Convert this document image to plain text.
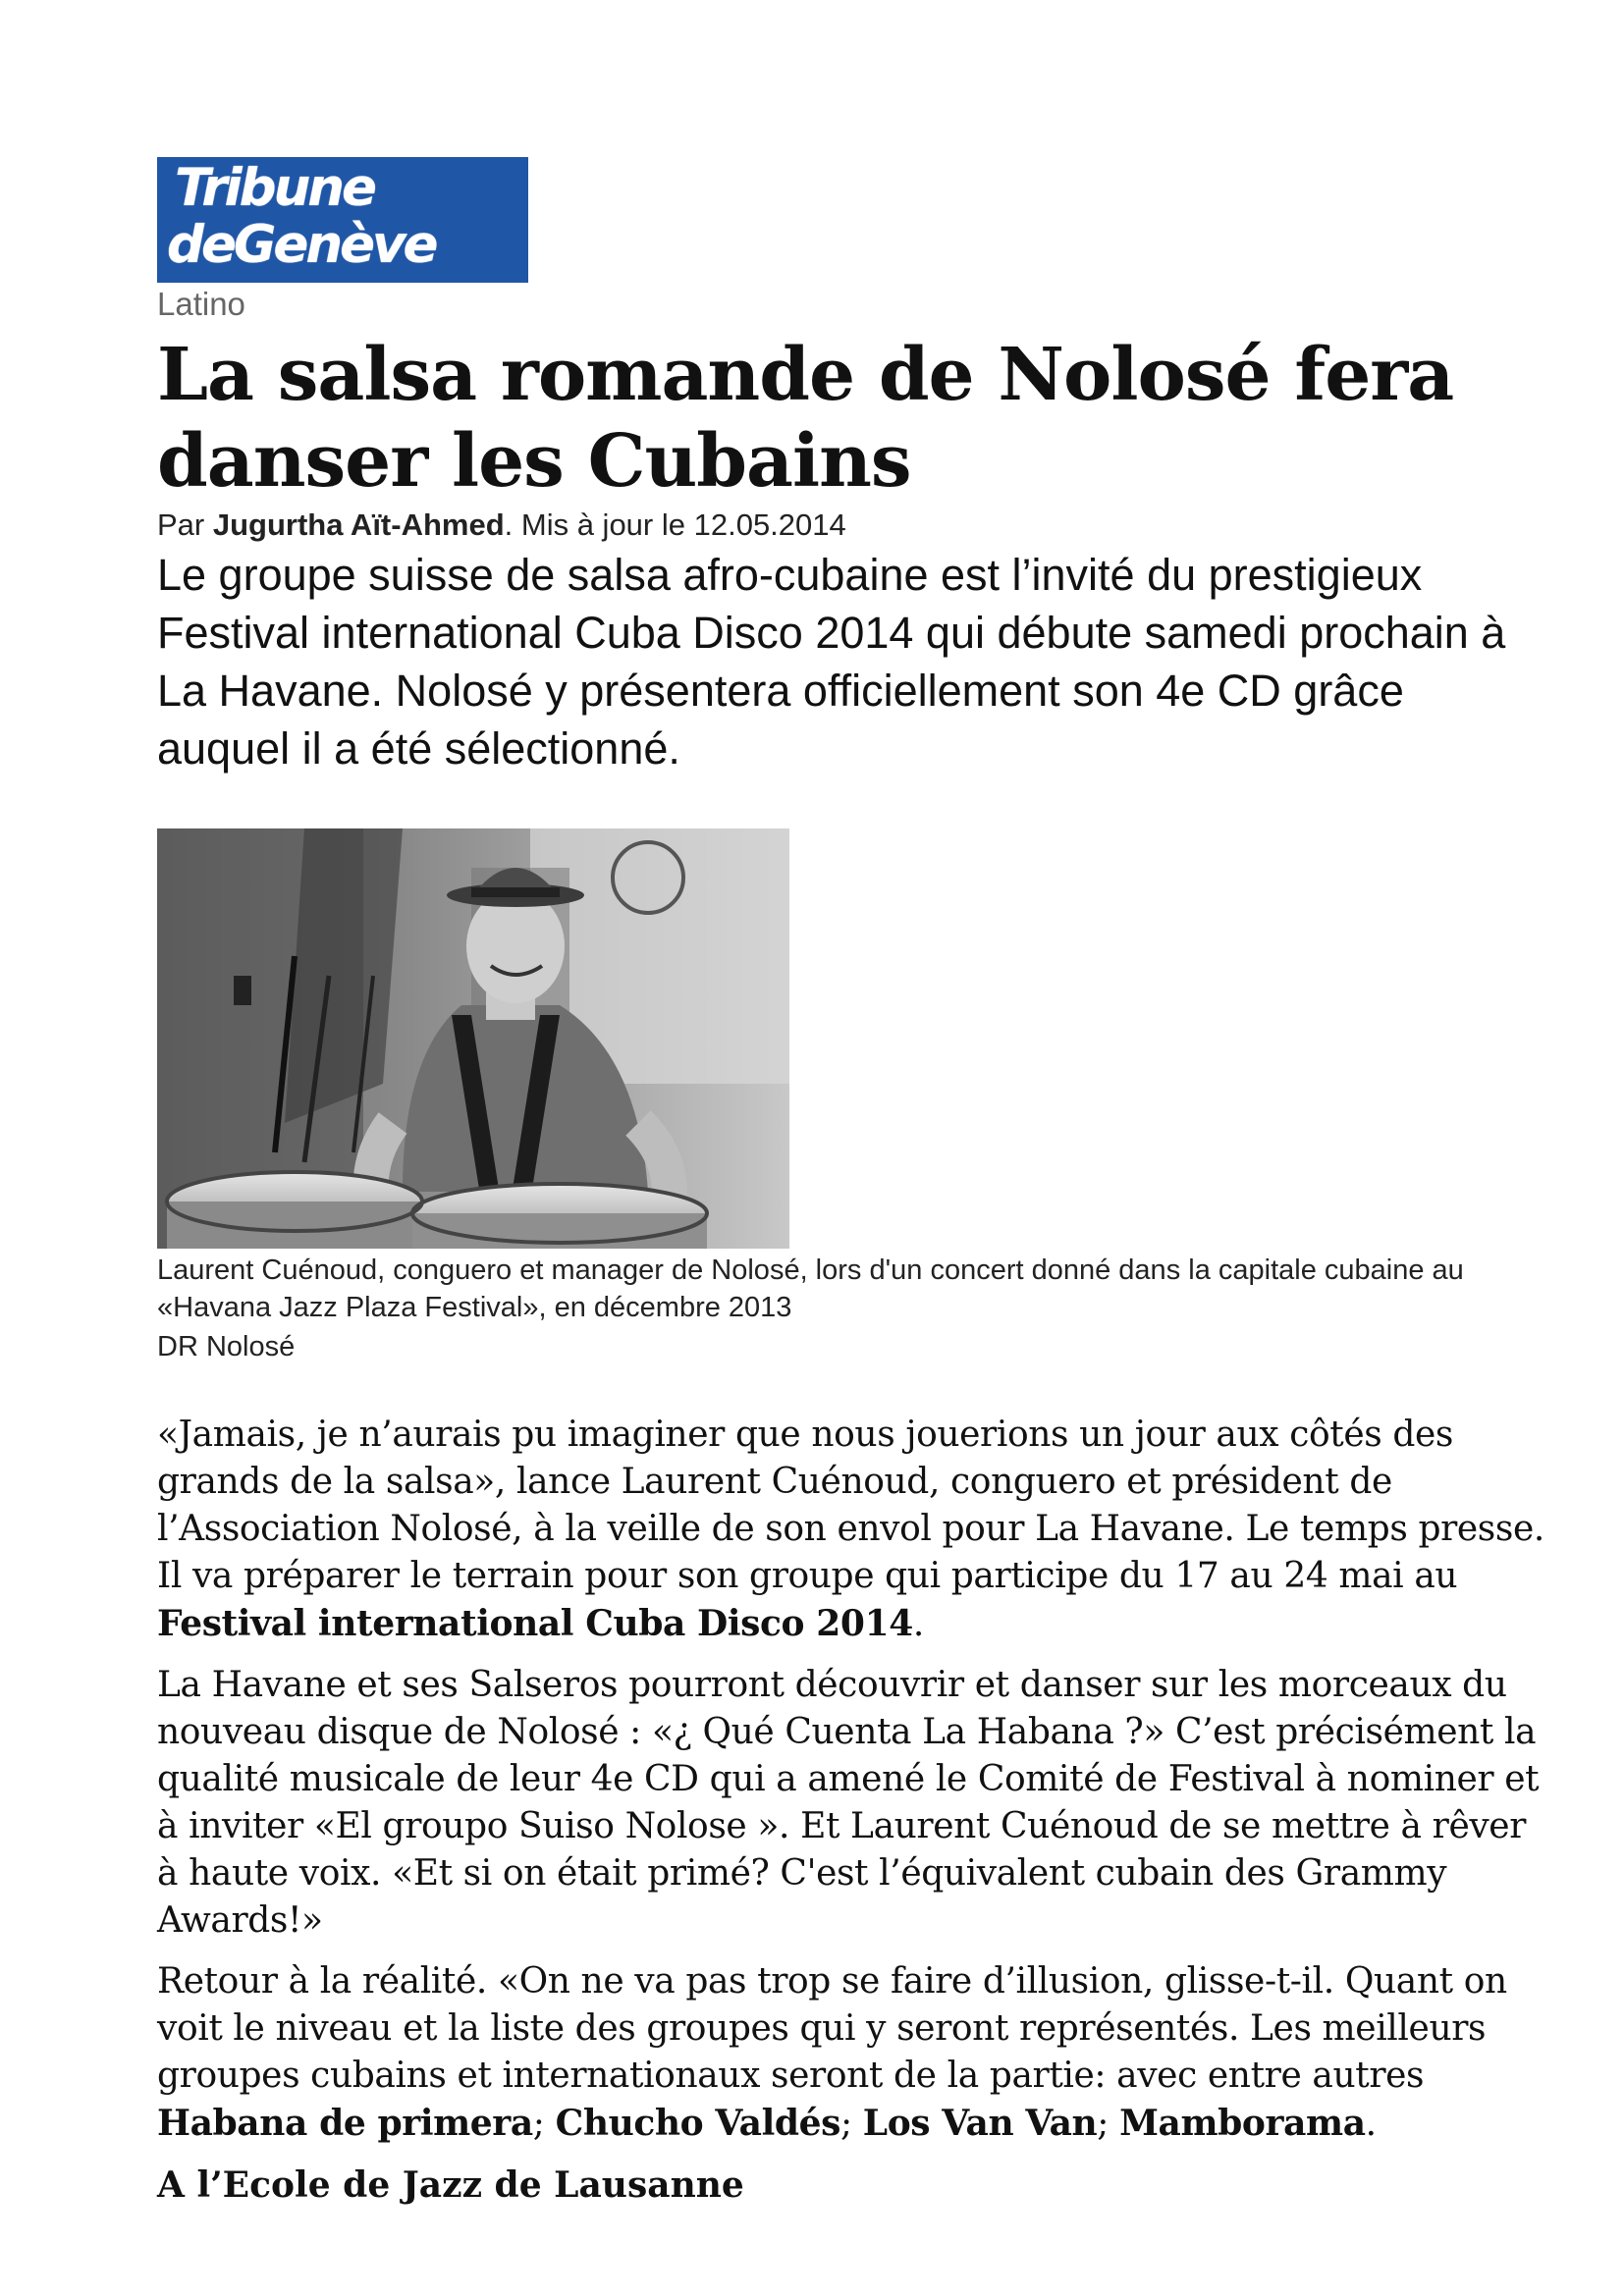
Tribune
deGenève
Latino
La salsa romande de Nolosé fera danser les Cubains
Par Jugurtha Aït-Ahmed. Mis à jour le 12.05.2014

Le groupe suisse de salsa afro-cubaine est l’invité du prestigieux Festival international Cuba Disco 2014 qui débute samedi prochain à La Havane. Nolosé y présentera officiellement son 4e CD grâce auquel il a été sélectionné.

Laurent Cuénoud, conguero et manager de Nolosé, lors d'un concert donné dans la capitale cubaine au «Havana Jazz Plaza Festival», en décembre 2013

DR Nolosé

«Jamais, je n’aurais pu imaginer que nous jouerions un jour aux côtés des grands de la salsa», lance Laurent Cuénoud, conguero et président de l’Association Nolosé, à la veille de son envol pour La Havane. Le temps presse. Il va préparer le terrain pour son groupe qui participe du 17 au 24 mai au Festival international Cuba Disco 2014.

La Havane et ses Salseros pourront découvrir et danser sur les morceaux du nouveau disque de Nolosé : «¿ Qué Cuenta La Habana ?» C’est précisément la qualité musicale de leur 4e CD qui a amené le Comité de Festival à nominer et à inviter «El groupo Suiso Nolose ». Et Laurent Cuénoud de se mettre à rêver à haute voix. «Et si on était primé? C'est l’équivalent cubain des Grammy Awards!»

Retour à la réalité. «On ne va pas trop se faire d’illusion, glisse-t-il. Quant on voit le niveau et la liste des groupes qui y seront représentés. Les meilleurs groupes cubains et internationaux seront de la partie: avec entre autres Habana de primera; Chucho Valdés; Los Van Van; Mamborama.

A l’Ecole de Jazz de Lausanne
